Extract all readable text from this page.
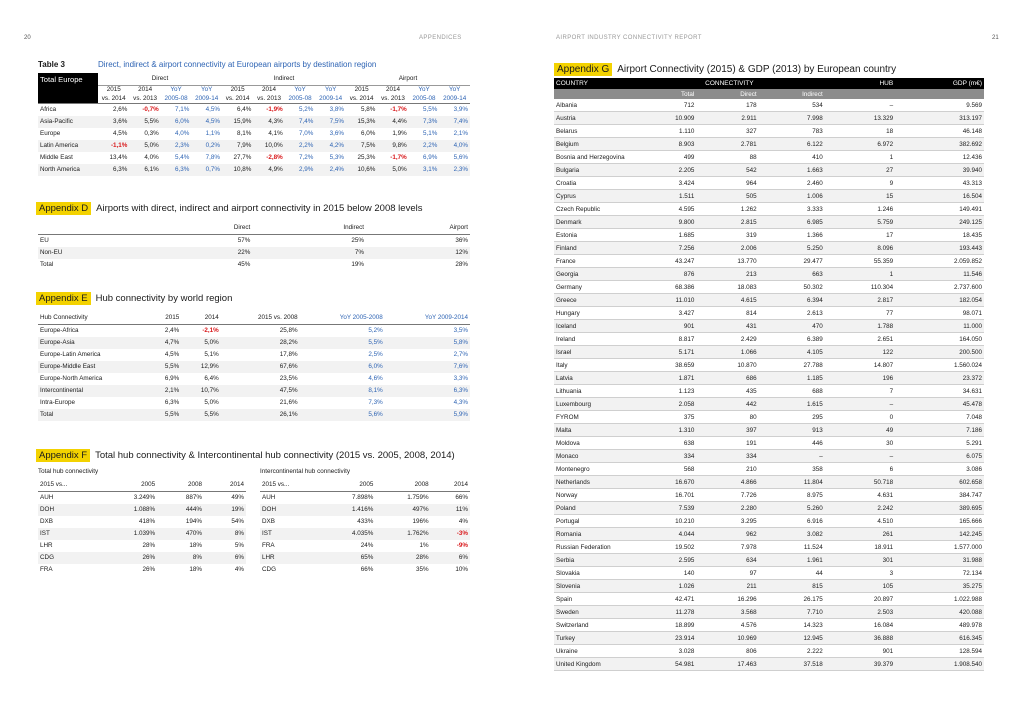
20	APPENDICES
Table 3	Direct, indirect & airport connectivity at European airports by destination region
Total Europe	Direct				Indirect				Airport			
	2015	2014	YoY	YoY	2015	2014	YoY	YoY	2015	2014	YoY	YoY
	vs. 2014	vs. 2013	2005-08	2009-14	vs. 2014	vs. 2013	2005-08	2009-14	vs. 2014	vs. 2013	2005-08	2009-14
Africa	2,6%	-0,7%	7,1%	4,5%	6,4%	-1,9%	5,2%	3,8%	5,8%	-1,7%	5,5%	3,9%
Asia-Pacific	3,6%	5,5%	6,0%	4,5%	15,9%	4,3%	7,4%	7,5%	15,3%	4,4%	7,3%	7,4%
Europe	4,5%	0,3%	4,0%	1,1%	8,1%	4,1%	7,0%	3,6%	6,0%	1,9%	5,1%	2,1%
Latin America	-1,1%	5,0%	2,3%	0,2%	7,9%	10,0%	2,2%	4,2%	7,5%	9,8%	2,2%	4,0%
Middle East	13,4%	4,0%	5,4%	7,8%	27,7%	-2,8%	7,2%	5,3%	25,3%	-1,7%	6,9%	5,6%
North America	6,3%	6,1%	6,3%	0,7%	10,8%	4,9%	2,9%	2,4%	10,6%	5,0%	3,1%	2,3%
Appendix D Airports with direct, indirect and airport connectivity in 2015 below 2008 levels
	Direct	Indirect	Airport
EU	57%	25%	36%
Non-EU	22%	7%	12%
Total	45%	19%	28%
Appendix E Hub connectivity by world region
Hub Connectivity	2015	2014	2015 vs. 2008	YoY 2005-2008	YoY 2009-2014
Europe-Africa	2,4%	-2,1%	25,8%	5,2%	3,5%
Europe-Asia	4,7%	5,0%	28,2%	5,5%	5,8%
Europe-Latin America	4,5%	5,1%	17,8%	2,5%	2,7%
Europe-Middle East	5,5%	12,9%	67,6%	6,0%	7,6%
Europe-North America	6,9%	6,4%	23,5%	4,6%	3,3%
Intercontinental	2,1%	10,7%	47,5%	8,1%	6,3%
Intra-Europe	6,3%	5,0%	21,6%	7,3%	4,3%
Total	5,5%	5,5%	26,1%	5,6%	5,9%
Appendix F Total hub connectivity & Intercontinental hub connectivity (2015 vs. 2005, 2008, 2014)
Total hub connectivity
2015 vs...	2005	2008	2014
AUH	3.249%	887%	49%
DOH	1.088%	444%	19%
DXB	418%	194%	54%
IST	1.039%	470%	8%
LHR	28%	18%	5%
CDG	26%	8%	6%
FRA	26%	18%	4%
Intercontinental hub connectivity
2015 vs...	2005	2008	2014
AUH	7.898%	1.759%	66%
DOH	1.416%	497%	11%
DXB	433%	196%	4%
IST	4.035%	1.762%	-3%
FRA	24%	1%	-9%
LHR	65%	28%	6%
CDG	66%	35%	10%
AIRPORT INDUSTRY CONNECTIVITY REPORT	21
Appendix G Airport Connectivity (2015) & GDP (2013) by European country
COUNTRY	CONNECTIVITY			HUB	GDP (m€)
	Total	Direct	Indirect		
Albania	712	178	534	–	9.569
Austria	10.909	2.911	7.998	13.329	313.197
Belarus	1.110	327	783	18	46.148
Belgium	8.903	2.781	6.122	6.972	382.692
Bosnia and Herzegovina	499	88	410	1	12.436
Bulgaria	2.205	542	1.663	27	39.940
Croatia	3.424	964	2.460	9	43.313
Cyprus	1.511	505	1.006	15	16.504
Czech Republic	4.595	1.262	3.333	1.246	149.491
Denmark	9.800	2.815	6.985	5.759	249.125
Estonia	1.685	319	1.366	17	18.435
Finland	7.256	2.006	5.250	8.096	193.443
France	43.247	13.770	29.477	55.359	2.059.852
Georgia	876	213	663	1	11.546
Germany	68.386	18.083	50.302	110.304	2.737.600
Greece	11.010	4.615	6.394	2.817	182.054
Hungary	3.427	814	2.613	77	98.071
Iceland	901	431	470	1.788	11.000
Ireland	8.817	2.429	6.389	2.651	164.050
Israel	5.171	1.066	4.105	122	200.500
Italy	38.659	10.870	27.788	14.807	1.560.024
Latvia	1.871	686	1.185	196	23.372
Lithuania	1.123	435	688	7	34.631
Luxembourg	2.058	442	1.615	–	45.478
FYROM	375	80	295	0	7.048
Malta	1.310	397	913	49	7.186
Moldova	638	191	446	30	5.291
Monaco	334	334	–	–	6.075
Montenegro	568	210	358	6	3.086
Netherlands	16.670	4.866	11.804	50.718	602.658
Norway	16.701	7.726	8.975	4.631	384.747
Poland	7.539	2.280	5.260	2.242	389.695
Portugal	10.210	3.295	6.916	4.510	165.666
Romania	4.044	962	3.082	261	142.245
Russian Federation	19.502	7.978	11.524	18.911	1.577.000
Serbia	2.595	634	1.961	301	31.988
Slovakia	140	97	44	3	72.134
Slovenia	1.026	211	815	105	35.275
Spain	42.471	16.296	26.175	20.897	1.022.988
Sweden	11.278	3.568	7.710	2.503	420.088
Switzerland	18.899	4.576	14.323	16.084	489.978
Turkey	23.914	10.969	12.945	36.888	616.345
Ukraine	3.028	806	2.222	901	128.594
United Kingdom	54.981	17.463	37.518	39.379	1.908.540
